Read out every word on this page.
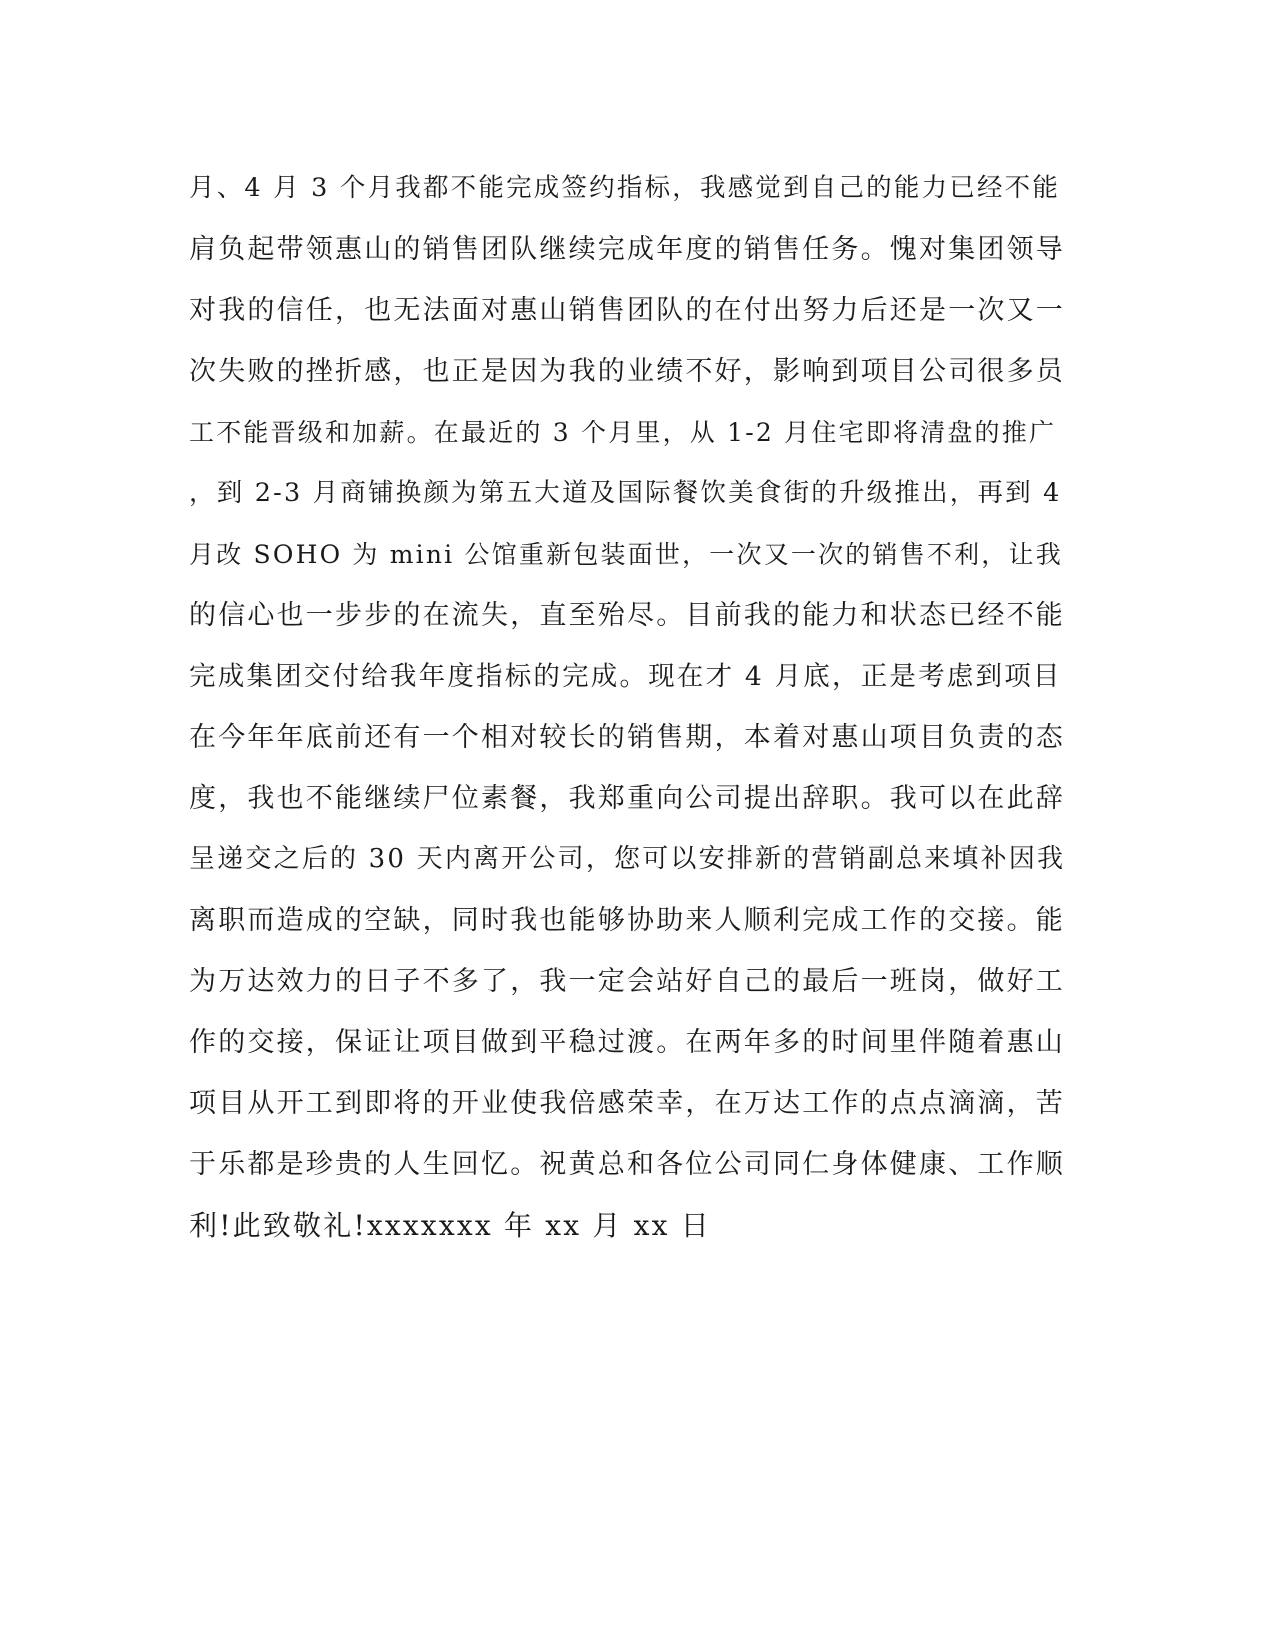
月、4 月 3 个月我都不能完成签约指标，我感觉到自己的能力已经不能
肩负起带领惠山的销售团队继续完成年度的销售任务。愧对集团领导
对我的信任，也无法面对惠山销售团队的在付出努力后还是一次又一
次失败的挫折感，也正是因为我的业绩不好，影响到项目公司很多员
工不能晋级和加薪。在最近的 3 个月里，从 1-2 月住宅即将清盘的推广
，到 2-3 月商铺换颜为第五大道及国际餐饮美食街的升级推出，再到 4
月改 SOHO 为 mini 公馆重新包装面世，一次又一次的销售不利，让我
的信心也一步步的在流失，直至殆尽。目前我的能力和状态已经不能
完成集团交付给我年度指标的完成。现在才 4 月底，正是考虑到项目
在今年年底前还有一个相对较长的销售期，本着对惠山项目负责的态
度，我也不能继续尸位素餐，我郑重向公司提出辞职。我可以在此辞
呈递交之后的 30 天内离开公司，您可以安排新的营销副总来填补因我
离职而造成的空缺，同时我也能够协助来人顺利完成工作的交接。能
为万达效力的日子不多了，我一定会站好自己的最后一班岗，做好工
作的交接，保证让项目做到平稳过渡。在两年多的时间里伴随着惠山
项目从开工到即将的开业使我倍感荣幸，在万达工作的点点滴滴，苦
于乐都是珍贵的人生回忆。祝黄总和各位公司同仁身体健康、工作顺
利!此致敬礼!xxxxxxx 年 xx 月 xx 日
